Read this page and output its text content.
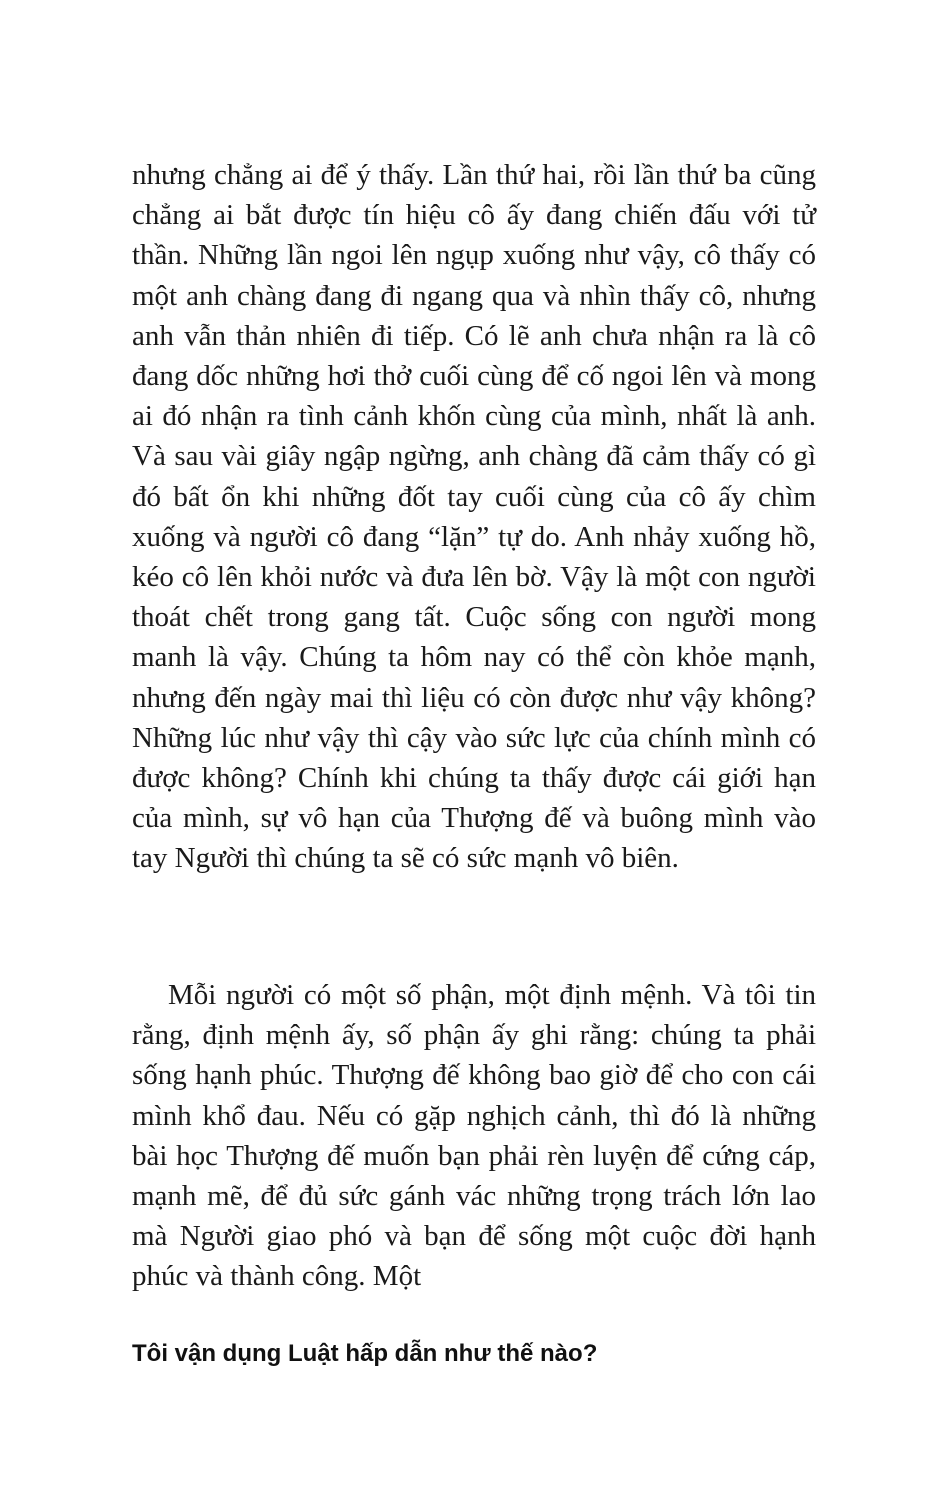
nhưng chẳng ai để ý thấy. Lần thứ hai, rồi lần thứ ba cũng chẳng ai bắt được tín hiệu cô ấy đang chiến đấu với tử thần. Những lần ngoi lên ngụp xuống như vậy, cô thấy có một anh chàng đang đi ngang qua và nhìn thấy cô, nhưng anh vẫn thản nhiên đi tiếp. Có lẽ anh chưa nhận ra là cô đang dốc những hơi thở cuối cùng để cố ngoi lên và mong ai đó nhận ra tình cảnh khốn cùng của mình, nhất là anh. Và sau vài giây ngập ngừng, anh chàng đã cảm thấy có gì đó bất ổn khi những đốt tay cuối cùng của cô ấy chìm xuống và người cô đang “lặn” tự do. Anh nhảy xuống hồ, kéo cô lên khỏi nước và đưa lên bờ. Vậy là một con người thoát chết trong gang tất. Cuộc sống con người mong manh là vậy. Chúng ta hôm nay có thể còn khỏe mạnh, nhưng đến ngày mai thì liệu có còn được như vậy không? Những lúc như vậy thì cậy vào sức lực của chính mình có được không? Chính khi chúng ta thấy được cái giới hạn của mình, sự vô hạn của Thượng đế và buông mình vào tay Người thì chúng ta sẽ có sức mạnh vô biên.

Mỗi người có một số phận, một định mệnh. Và tôi tin rằng, định mệnh ấy, số phận ấy ghi rằng: chúng ta phải sống hạnh phúc. Thượng đế không bao giờ để cho con cái mình khổ đau. Nếu có gặp nghịch cảnh, thì đó là những bài học Thượng đế muốn bạn phải rèn luyện để cứng cáp, mạnh mẽ, để đủ sức gánh vác những trọng trách lớn lao mà Người giao phó và bạn để sống một cuộc đời hạnh phúc và thành công. Một

Tôi vận dụng Luật hấp dẫn như thế nào?
